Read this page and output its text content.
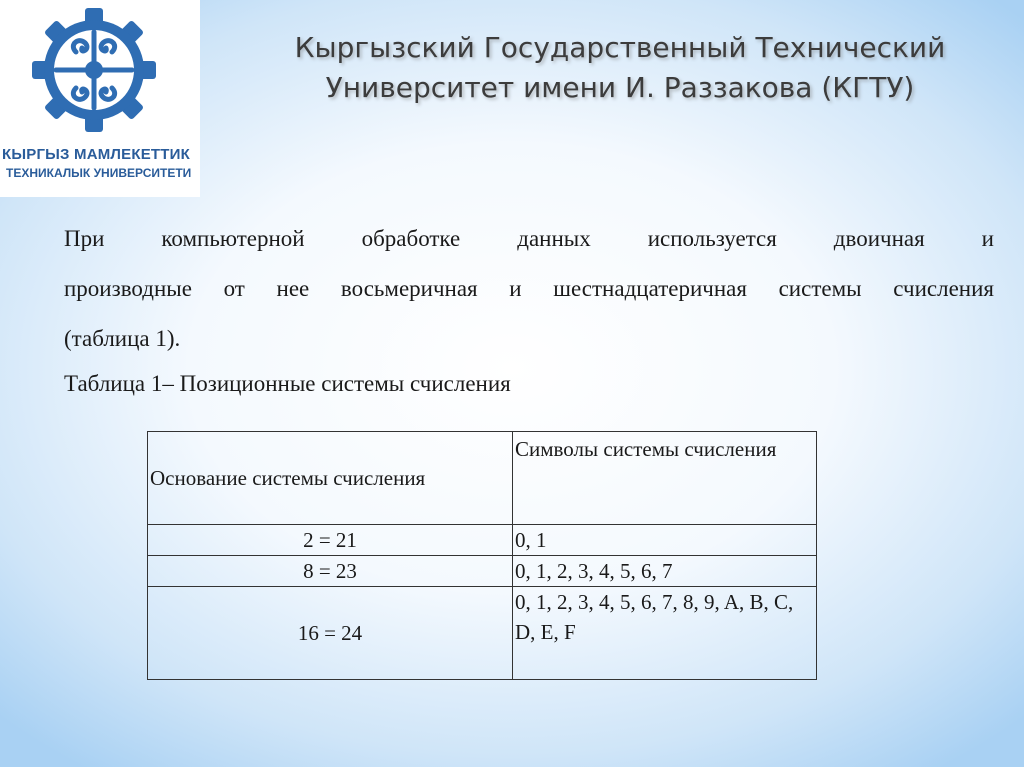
КЫРГЫЗ МАМЛЕКЕТТИК
ТЕХНИКАЛЫК УНИВЕРСИТЕТИ
Кыргызский Государственный Технический
Университет имени И. Раззакова (КГТУ)

При компьютерной обработке данных используется двоичная и

производные от нее восьмеричная и шестнадцатеричная системы счисления

(таблица 1).

Таблица 1– Позиционные системы счисления
Основание системы счисления	Символы системы счисления
2 = 21	0, 1
8 = 23	0, 1, 2, 3, 4, 5, 6, 7
16 = 24	0, 1, 2, 3, 4, 5, 6, 7, 8, 9, A, B, C, D, E, F
